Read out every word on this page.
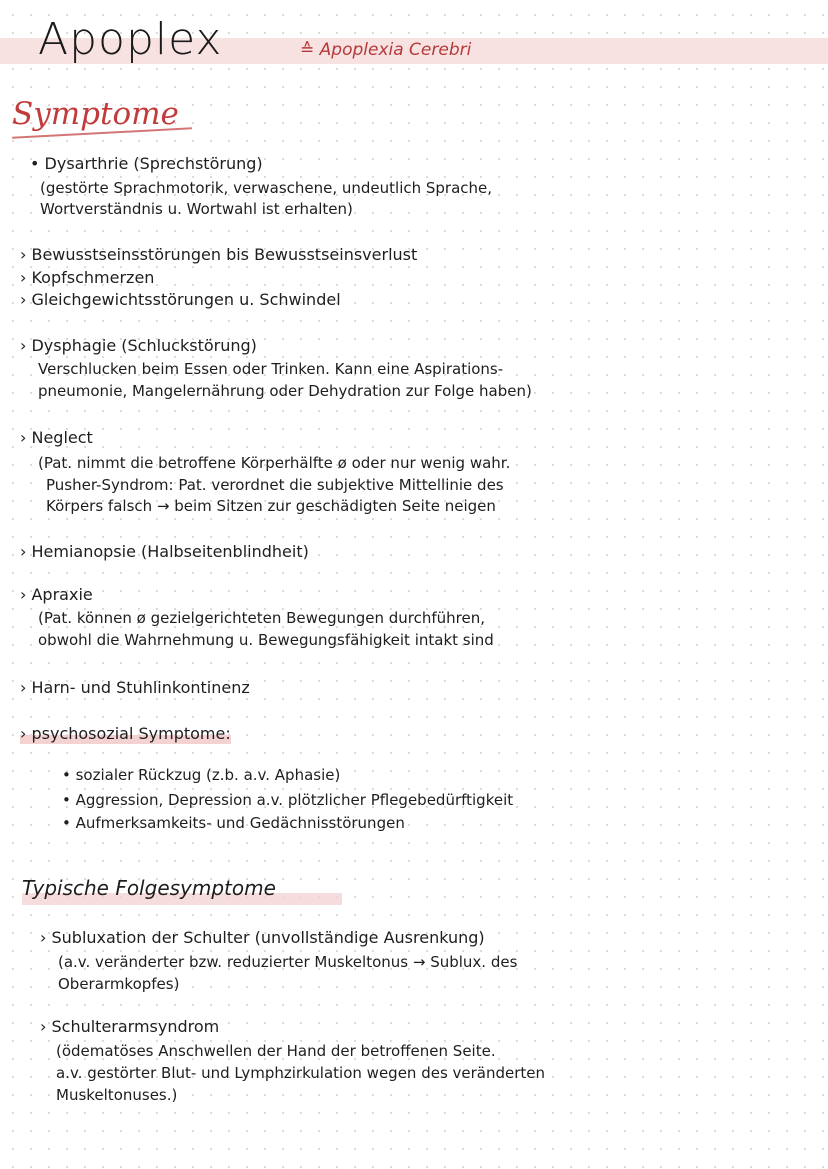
Apoplex	≙ Apoplexia Cerebri
Symptome
• Dysarthrie (Sprechstörung)
(gestörte Sprachmotorik, verwaschene, undeutlich Sprache,
Wortverständnis u. Wortwahl ist erhalten)
› Bewusstseinsstörungen bis Bewusstseinsverlust
› Kopfschmerzen
› Gleichgewichtsstörungen u. Schwindel
› Dysphagie (Schluckstörung)
Verschlucken beim Essen oder Trinken. Kann eine Aspirations-
pneumonie, Mangelernährung oder Dehydration zur Folge haben)
› Neglect
(Pat. nimmt die betroffene Körperhälfte ø oder nur wenig wahr.
Pusher-Syndrom: Pat. verordnet die subjektive Mittellinie des
Körpers falsch → beim Sitzen zur geschädigten Seite neigen
› Hemianopsie (Halbseitenblindheit)
› Apraxie
(Pat. können ø gezielgerichteten Bewegungen durchführen,
obwohl die Wahrnehmung u. Bewegungsfähigkeit intakt sind
› Harn- und Stuhlinkontinenz
› psychosozial Symptome:
• sozialer Rückzug (z.b. a.v. Aphasie)
• Aggression, Depression a.v. plötzlicher Pflegebedürftigkeit
• Aufmerksamkeits- und Gedächnisstörungen
Typische Folgesymptome
› Subluxation der Schulter (unvollständige Ausrenkung)
(a.v. veränderter bzw. reduzierter Muskeltonus → Sublux. des
Oberarmkopfes)
› Schulterarmsyndrom
(ödematöses Anschwellen der Hand der betroffenen Seite.
a.v. gestörter Blut- und Lymphzirkulation wegen des veränderten
Muskeltonuses.)
